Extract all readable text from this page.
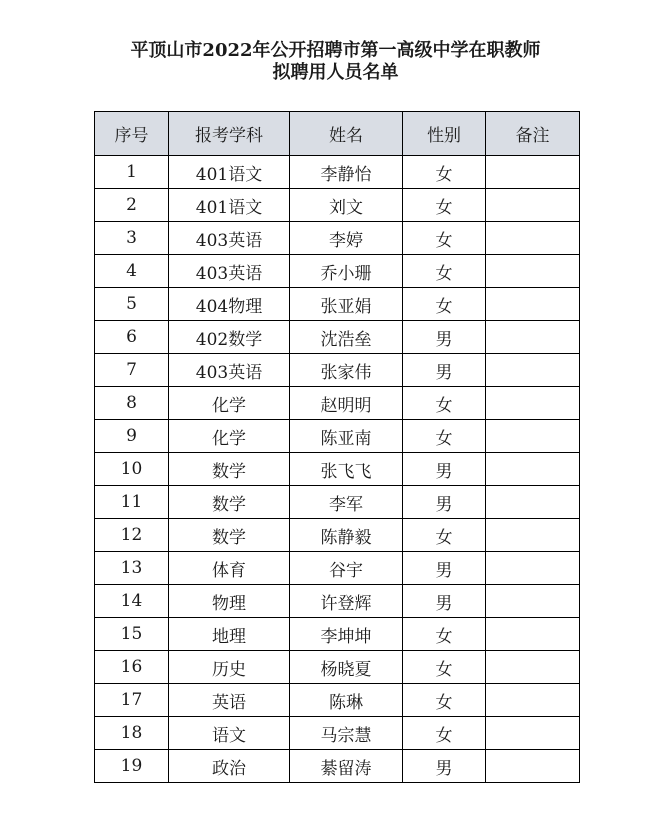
平顶山市2022年公开招聘市第一高级中学在职教师
拟聘用人员名单
序号	报考学科	姓名	性别	备注
1	401语文	李静怡	女	
2	401语文	刘文	女	
3	403英语	李婷	女	
4	403英语	乔小珊	女	
5	404物理	张亚娟	女	
6	402数学	沈浩垒	男	
7	403英语	张家伟	男	
8	化学	赵明明	女	
9	化学	陈亚南	女	
10	数学	张飞飞	男	
11	数学	李军	男	
12	数学	陈静毅	女	
13	体育	谷宇	男	
14	物理	许登辉	男	
15	地理	李坤坤	女	
16	历史	杨晓夏	女	
17	英语	陈琳	女	
18	语文	马宗慧	女	
19	政治	綦留涛	男	
